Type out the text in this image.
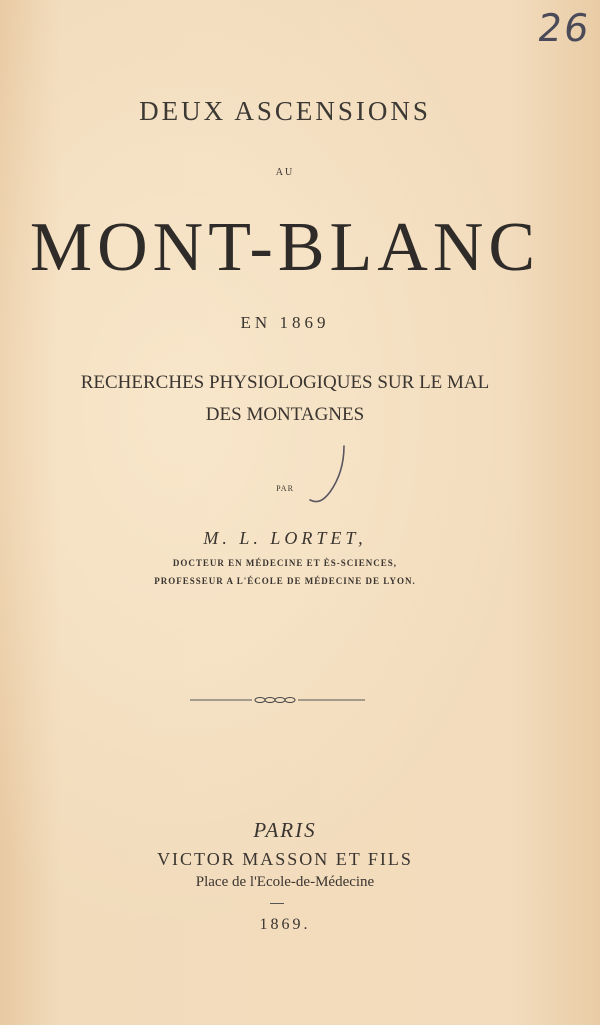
26
DEUX ASCENSIONS
AU
MONT-BLANC
EN 1869
RECHERCHES PHYSIOLOGIQUES SUR LE MAL
DES MONTAGNES
PAR
M. L. LORTET,
DOCTEUR EN MÉDECINE ET ÈS-SCIENCES,
PROFESSEUR A L'ÉCOLE DE MÉDECINE DE LYON.
PARIS
VICTOR MASSON ET FILS
Place de l'Ecole-de-Médecine
1869.
